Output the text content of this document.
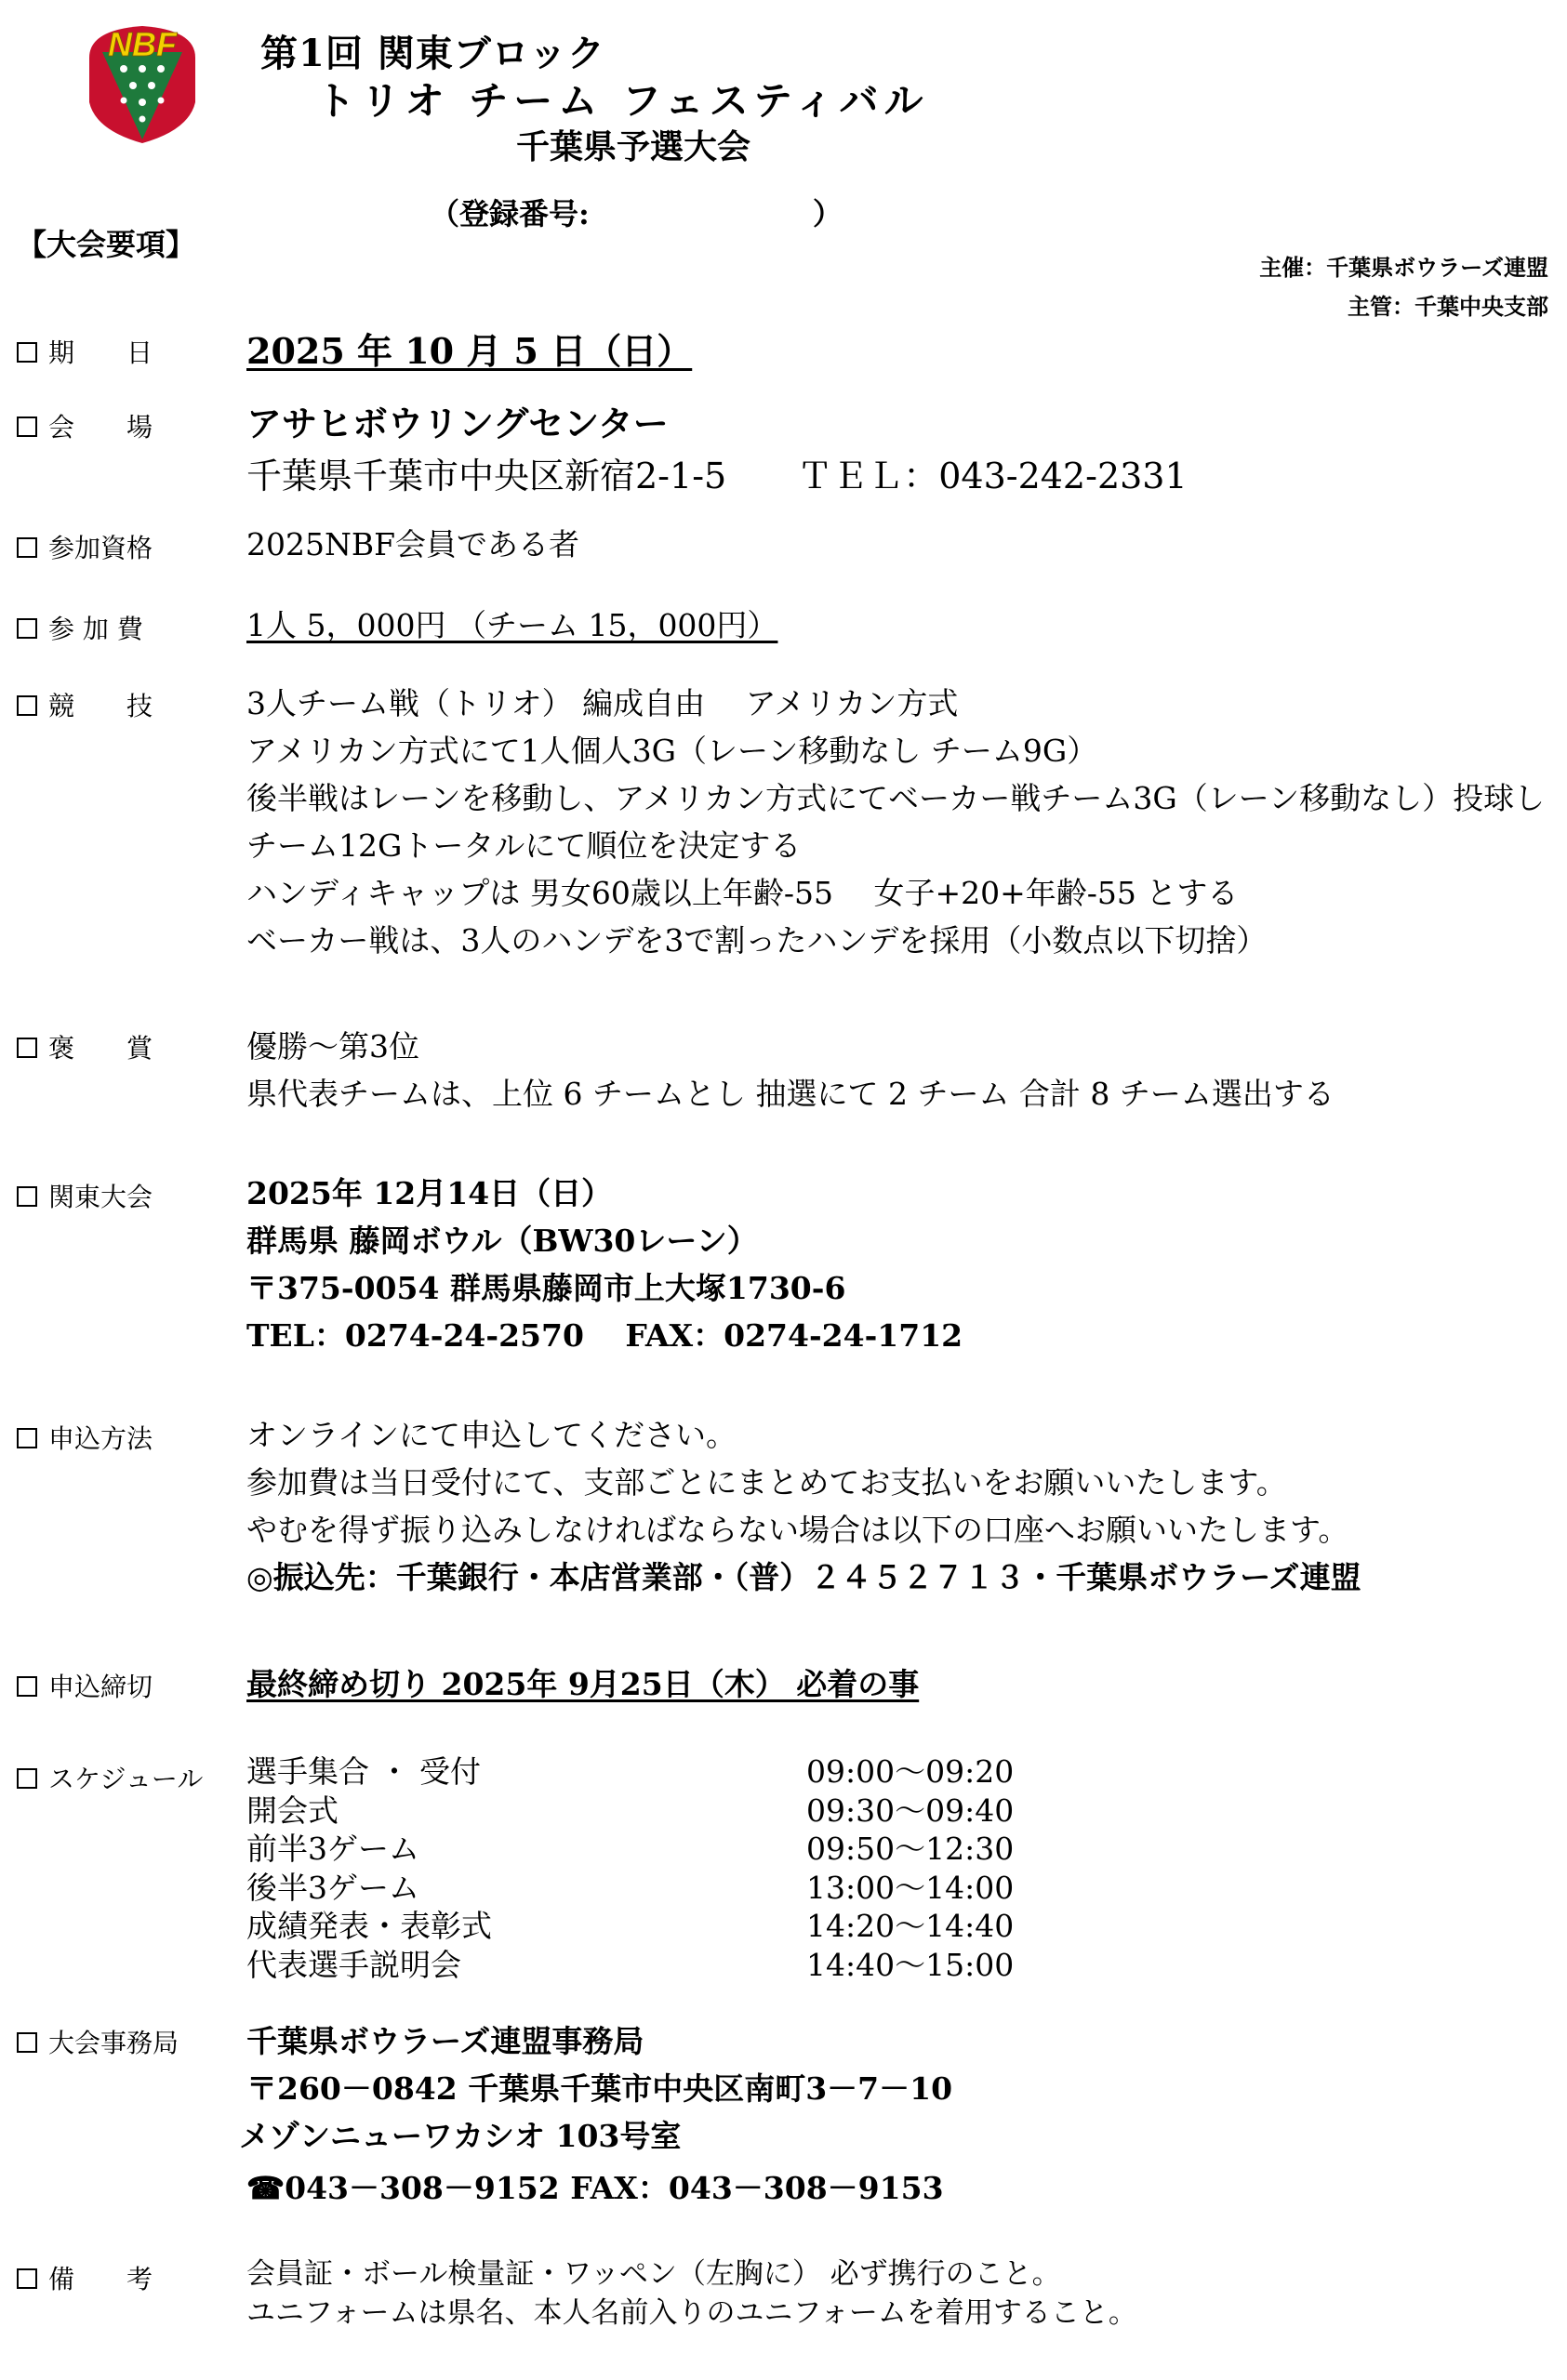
NBF 第1回 関東ブロック
トリオ チーム フェスティバル
千葉県予選大会
（登録番号:	）
【大会要項】
主催：千葉県ボウラーズ連盟
主管：千葉中央支部
期　　日	2025 年 10 月 5 日（日）
会　　場	アサヒボウリングセンター
千葉県千葉市中央区新宿2-1-5　　ＴＥＬ：043-242-2331
参加資格	2025NBF会員である者
参 加 費	1人 5，000円 （チーム 15，000円）
競　　技	3人チーム戦（トリオ） 編成自由　 アメリカン方式
アメリカン方式にて1人個人3G（レーン移動なし チーム9G）
後半戦はレーンを移動し、アメリカン方式にてベーカー戦チーム3G（レーン移動なし）投球し
チーム12Gトータルにて順位を決定する
ハンディキャップは 男女60歳以上年齢-55　 女子+20+年齢-55 とする
ベーカー戦は、3人のハンデを3で割ったハンデを採用（小数点以下切捨）
褒　　賞	優勝～第3位
県代表チームは、上位 6 チームとし 抽選にて 2 チーム 合計 8 チーム選出する
関東大会	2025年 12月14日（日）
群馬県 藤岡ボウル（BW30レーン）
〒375-0054 群馬県藤岡市上大塚1730-6
TEL：0274-24-2570　 FAX：0274-24-1712
申込方法	オンラインにて申込してください。
参加費は当日受付にて、支部ごとにまとめてお支払いをお願いいたします。
やむを得ず振り込みしなければならない場合は以下の口座へお願いいたします。
◎振込先：千葉銀行・本店営業部・（普）２４５２７１３・千葉県ボウラーズ連盟
申込締切	最終締め切り 2025年 9月25日（木） 必着の事
スケジュール 選手集合 ・ 受付	09:00～09:20
開会式	09:30～09:40
前半3ゲーム	09:50～12:30
後半3ゲーム	13:00～14:00
成績発表・表彰式	14:20～14:40
代表選手説明会	14:40～15:00
大会事務局 千葉県ボウラーズ連盟事務局
〒260－0842 千葉県千葉市中央区南町3－7－10
メゾンニューワカシオ 103号室
☎043－308－9152 FAX：043－308－9153
備　　考	会員証・ボール検量証・ワッペン（左胸に） 必ず携行のこと。
ユニフォームは県名、本人名前入りのユニフォームを着用すること。
